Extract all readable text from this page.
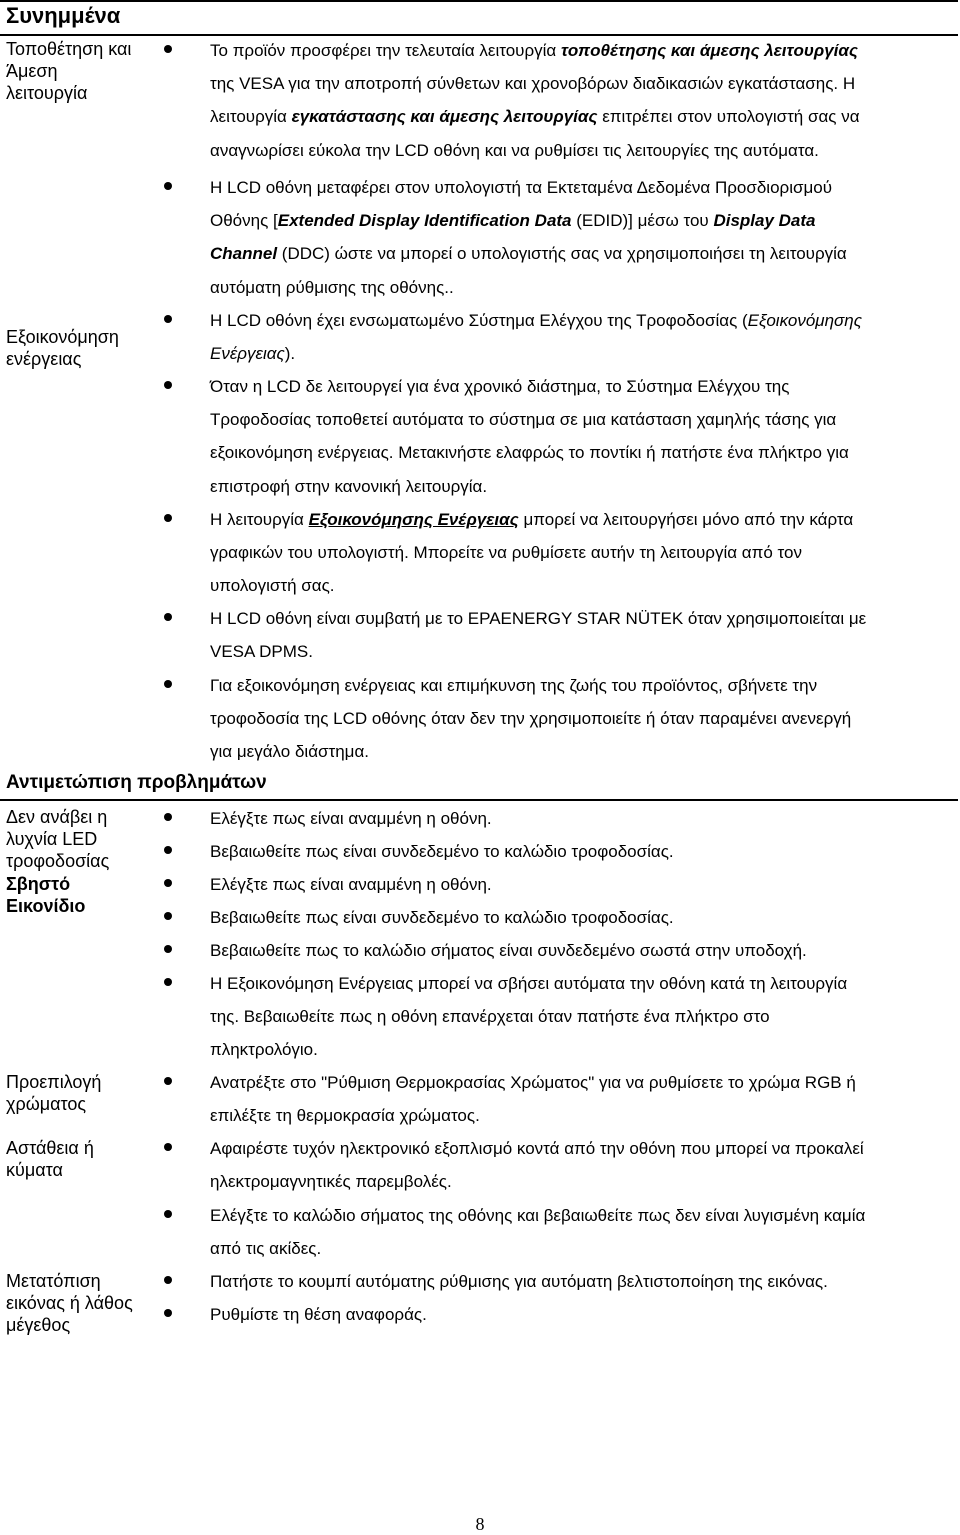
Συνημμένα
Τοποθέτηση και
Άμεση
λειτουργία
Το προϊόν προσφέρει την τελευταία λειτουργία τοποθέτησης και άμεσης λειτουργίας
της VESA για την αποτροπή σύνθετων και χρονοβόρων διαδικασιών εγκατάστασης. Η
λειτουργία εγκατάστασης και άμεσης λειτουργίας επιτρέπει στον υπολογιστή σας να
αναγνωρίσει εύκολα την LCD οθόνη και να ρυθμίσει τις λειτουργίες της αυτόματα.
Η LCD οθόνη μεταφέρει στον υπολογιστή τα Εκτεταμένα Δεδομένα Προσδιορισμού
Οθόνης [Extended Display Identification Data (EDID)] μέσω του Display Data
Channel (DDC) ώστε να μπορεί ο υπολογιστής σας να χρησιμοποιήσει τη λειτουργία
αυτόματη ρύθμισης της οθόνης..
Εξοικονόμηση
ενέργειας
Η LCD οθόνη έχει ενσωματωμένο Σύστημα Ελέγχου της Τροφοδοσίας (Εξοικονόμησης
Ενέργειας).
Όταν η LCD δε λειτουργεί για ένα χρονικό διάστημα, το Σύστημα Ελέγχου της
Τροφοδοσίας τοποθετεί αυτόματα το σύστημα σε μια κατάσταση χαμηλής τάσης για
εξοικονόμηση ενέργειας. Μετακινήστε ελαφρώς το ποντίκι ή πατήστε ένα πλήκτρο για
επιστροφή στην κανονική λειτουργία.
Η λειτουργία Εξοικονόμησης Ενέργειας μπορεί να λειτουργήσει μόνο από την κάρτα
γραφικών του υπολογιστή. Μπορείτε να ρυθμίσετε αυτήν τη λειτουργία από τον
υπολογιστή σας.
Η LCD οθόνη είναι συμβατή με το EPAENERGY STAR NÜTEK όταν χρησιμοποιείται με
VESA DPMS.
Για εξοικονόμηση ενέργειας και επιμήκυνση της ζωής του προϊόντος, σβήνετε την
τροφοδοσία της LCD οθόνης όταν δεν την χρησιμοποιείτε ή όταν παραμένει ανενεργή
για μεγάλο διάστημα.
Αντιμετώπιση προβλημάτων
Δεν ανάβει η
λυχνία LED
τροφοδοσίας
Ελέγξτε πως είναι αναμμένη η οθόνη.
Βεβαιωθείτε πως είναι συνδεδεμένο το καλώδιο τροφοδοσίας.
Σβηστό
Εικονίδιο
Ελέγξτε πως είναι αναμμένη η οθόνη.
Βεβαιωθείτε πως είναι συνδεδεμένο το καλώδιο τροφοδοσίας.
Βεβαιωθείτε πως το καλώδιο σήματος είναι συνδεδεμένο σωστά στην υποδοχή.
Η Εξοικονόμηση Ενέργειας μπορεί να σβήσει αυτόματα την οθόνη κατά τη λειτουργία
της. Βεβαιωθείτε πως η οθόνη επανέρχεται όταν πατήστε ένα πλήκτρο στο
πληκτρολόγιο.
Προεπιλογή
χρώματος
Ανατρέξτε στο "Ρύθμιση Θερμοκρασίας Χρώματος" για να ρυθμίσετε το χρώμα RGB ή
επιλέξτε τη θερμοκρασία χρώματος.
Αστάθεια ή
κύματα
Αφαιρέστε τυχόν ηλεκτρονικό εξοπλισμό κοντά από την οθόνη που μπορεί να προκαλεί
ηλεκτρομαγνητικές παρεμβολές.
Ελέγξτε το καλώδιο σήματος της οθόνης και βεβαιωθείτε πως δεν είναι λυγισμένη καμία
από τις ακίδες.
Μετατόπιση
εικόνας ή λάθος
μέγεθος
Πατήστε το κουμπί αυτόματης ρύθμισης για αυτόματη βελτιστοποίηση της εικόνας.
Ρυθμίστε τη θέση αναφοράς.
8
